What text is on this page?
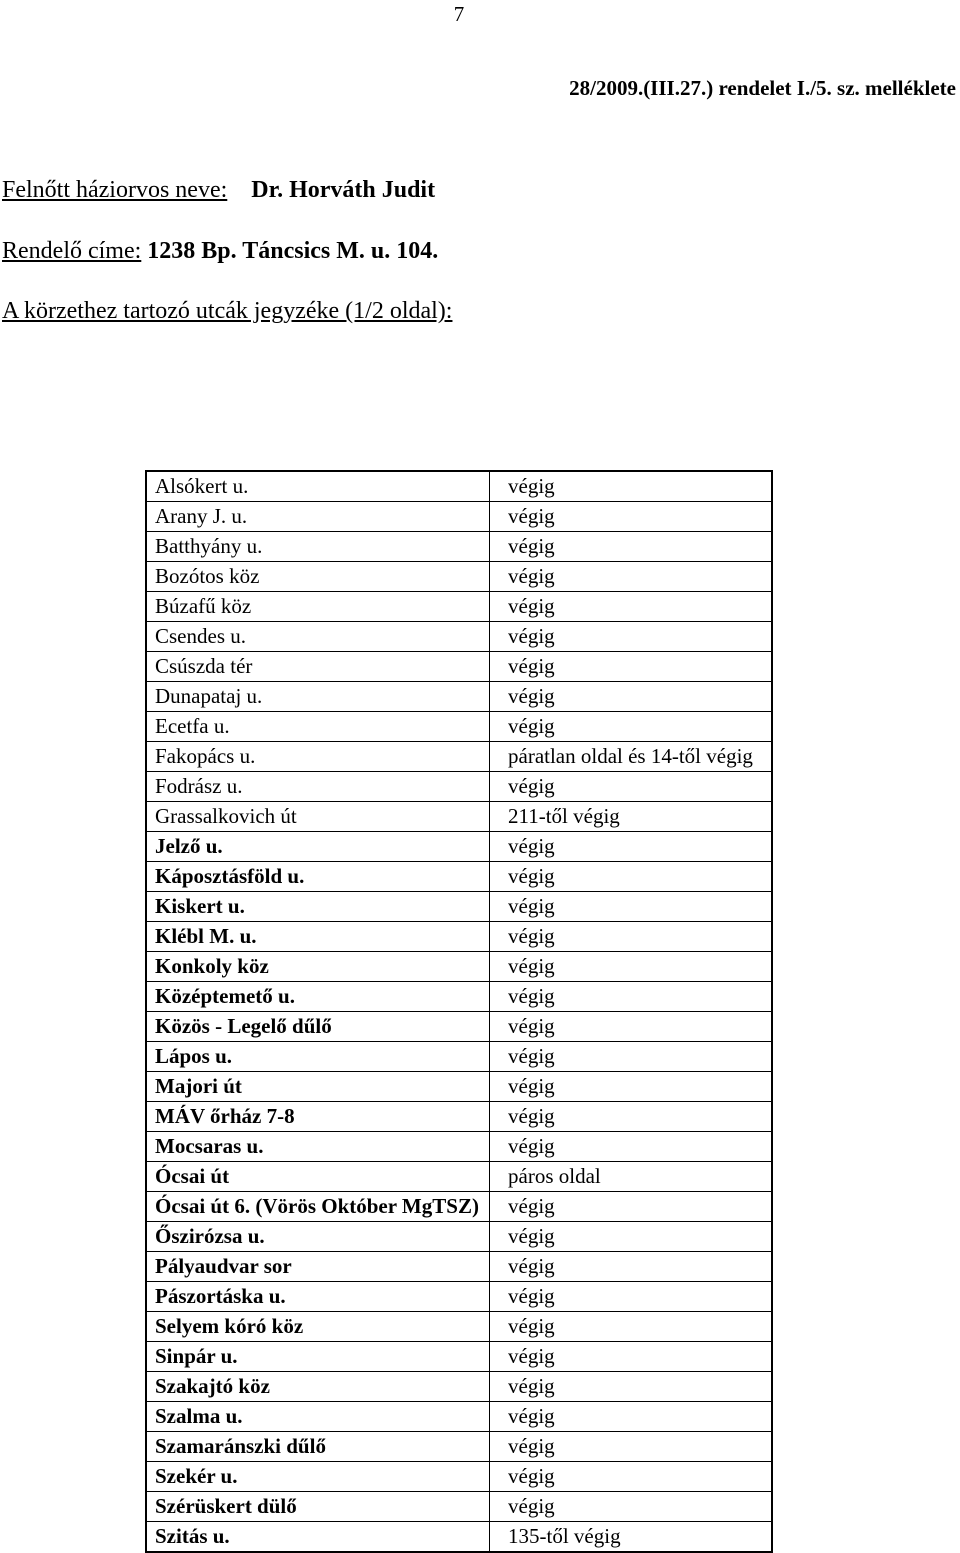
7
28/2009.(III.27.) rendelet I./5. sz. melléklete
Felnőtt háziorvos neve: Dr. Horváth Judit
Rendelő címe: 1238 Bp. Táncsics M. u. 104.
A körzethez tartozó utcák jegyzéke (1/2 oldal):
Alsókert u.	végig
Arany J. u.	végig
Batthyány u.	végig
Bozótos köz	végig
Búzafű köz	végig
Csendes u.	végig
Csúszda tér	végig
Dunapataj u.	végig
Ecetfa u.	végig
Fakopács u.	páratlan oldal és 14-től végig
Fodrász u.	végig
Grassalkovich út	211-től végig
Jelző u.	végig
Káposztásföld u.	végig
Kiskert u.	végig
Klébl M. u.	végig
Konkoly köz	végig
Középtemető u.	végig
Közös - Legelő dűlő	végig
Lápos u.	végig
Majori út	végig
MÁV őrház 7-8	végig
Mocsaras u.	végig
Ócsai út	páros oldal
Ócsai út 6. (Vörös Október MgTSZ)	végig
Őszirózsa u.	végig
Pályaudvar sor	végig
Pászortáska u.	végig
Selyem kóró köz	végig
Sinpár u.	végig
Szakajtó köz	végig
Szalma u.	végig
Szamaránszki dűlő	végig
Szekér u.	végig
Szérüskert dülő	végig
Szitás u.	135-től végig
